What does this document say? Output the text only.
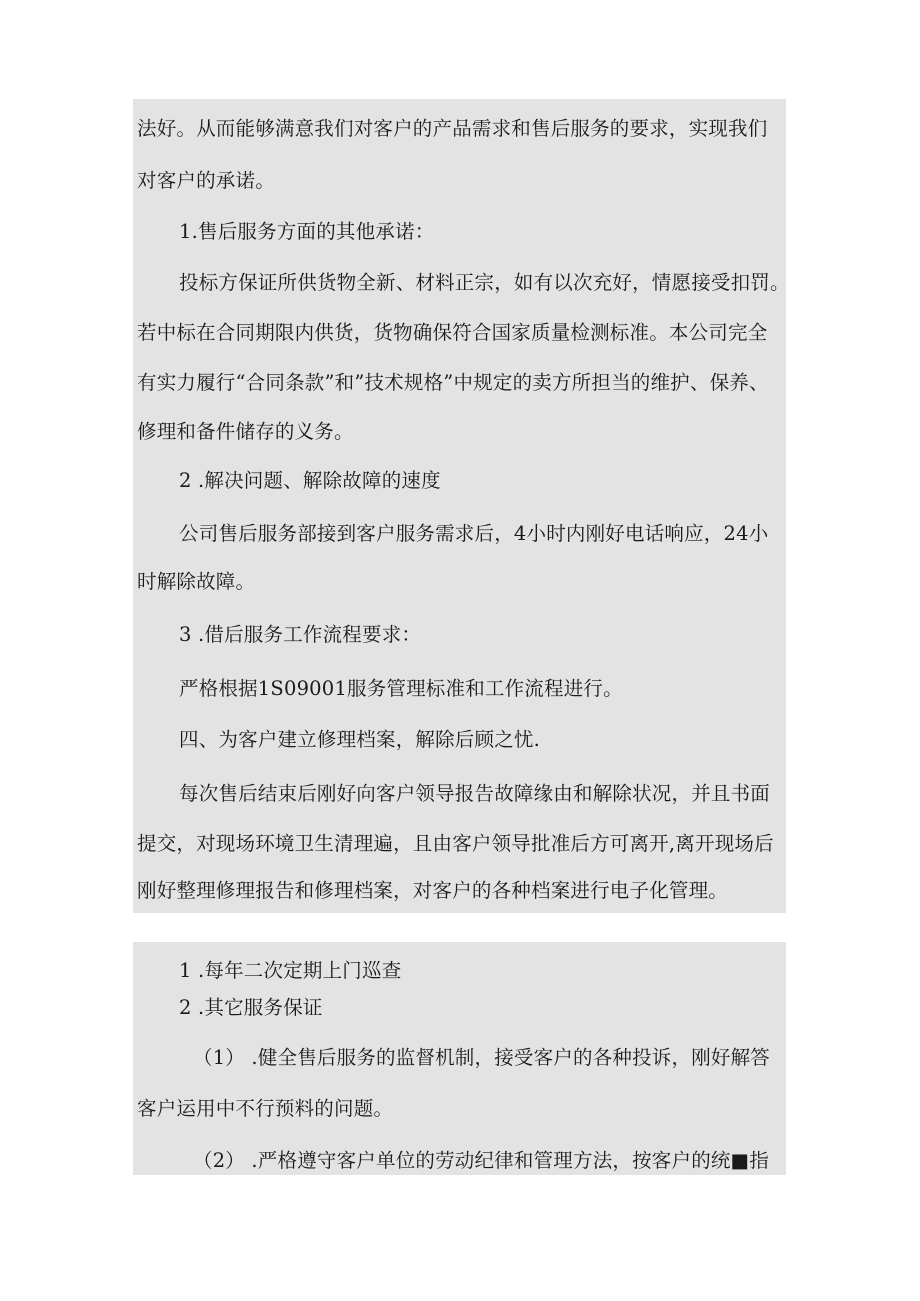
法好。从而能够满意我们对客户的产品需求和售后服务的要求，实现我们
对客户的承诺。
1.售后服务方面的其他承诺：
投标方保证所供货物全新、材料正宗，如有以次充好，情愿接受扣罚。
若中标在合同期限内供货，货物确保符合国家质量检测标准。本公司完全
有实力履行“合同条款”和”技术规格”中规定的卖方所担当的维护、保养、
修理和备件储存的义务。
2 .解决问题、解除故障的速度
公司售后服务部接到客户服务需求后，4小时内刚好电话响应，24小
时解除故障。
3 .借后服务工作流程要求：
严格根据1S09001服务管理标准和工作流程进行。
四、为客户建立修理档案，解除后顾之忧.
每次售后结束后刚好向客户领导报告故障缘由和解除状况，并且书面
提交，对现场环境卫生清理遍，且由客户领导批准后方可离开,离开现场后
刚好整理修理报告和修理档案，对客户的各种档案进行电子化管理。
1 .每年二次定期上门巡查
2 .其它服务保证
（1） .健全售后服务的监督机制，接受客户的各种投诉，刚好解答
客户运用中不行预料的问题。
（2） .严格遵守客户单位的劳动纪律和管理方法，按客户的统■指
